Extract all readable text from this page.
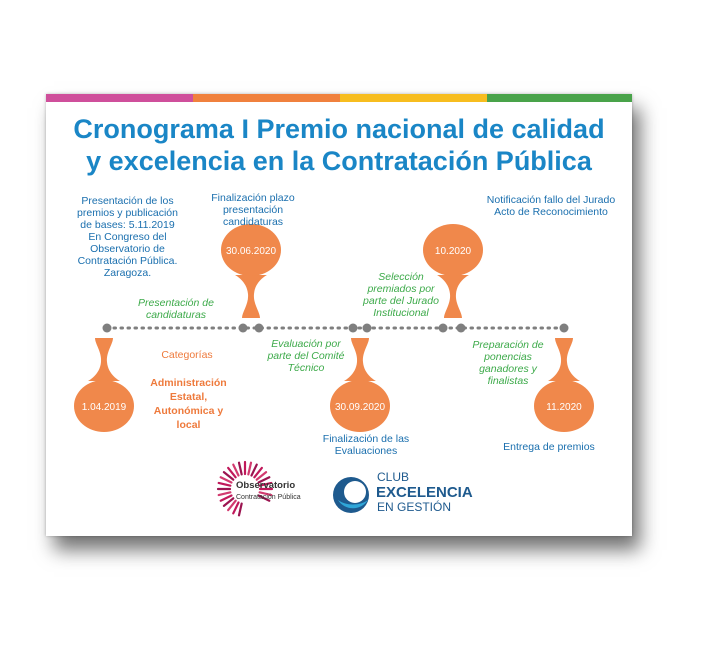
Cronograma I Premio nacional de calidad
y excelencia en la Contratación Pública
1.04.2019
30.06.2020
30.09.2020
10.2020
11.2020
Presentación de los
premios y publicación
de bases: 5.11.2019
En Congreso del
Observatorio de
Contratación Pública.
Zaragoza.
Finalización plazo
presentación
candidaturas
Notificación fallo del Jurado
Acto de Reconocimiento
Presentación de
candidaturas
Selección
premiados por
parte del Jurado
Institucional
Evaluación por
parte del Comité
Técnico
Preparación de
ponencias
ganadores y
finalistas
Categorías
Administración
Estatal,
Autonómica y
local
Finalización de las
Evaluaciones	Entrega de premios
Observatorio
Contratación Pública
CLUB
EXCELENCIA
EN GESTIÓN
